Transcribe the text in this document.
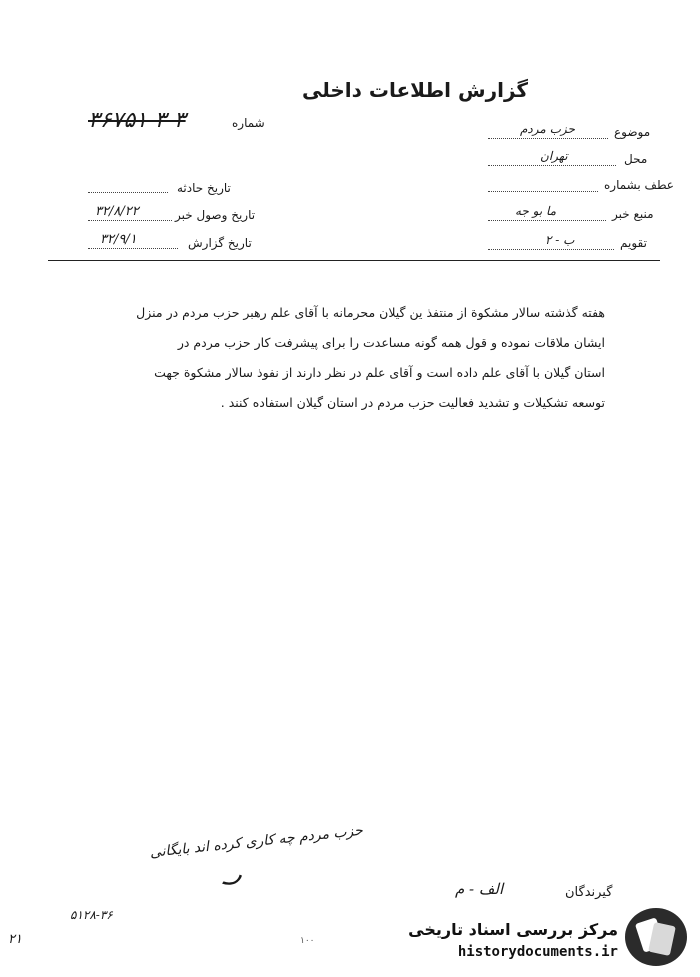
گزارش اطلاعات داخلی
شماره
۳۶۷۵۱-۳-۳
تاریخ حادثه
تاریخ وصول خبر
۳۲/۸/۲۲
تاریخ گزارش
۳۲/۹/۱
موضوع
حزب مردم
محل
تهران
عطف بشماره
منبع خبر
ما بو جه
تقویم
ب - ۲
هفته گذشته سالار مشکوة از منتفذ ین گیلان محرمانه با آقای علم رهبر حزب مردم در منزل
ایشان ملاقات نموده و قول همه گونه مساعدت را برای پیشرفت کار حزب مردم در
استان گیلان با آقای علم داده است و آقای علم در نظر دارند از نفوذ سالار مشکوة جهت
توسعه تشکیلات و تشدید فعالیت حزب مردم در استان گیلان استفاده کنند .
حزب مردم چه کاری کرده اند بایگانی
ر
گیرندگان
الف - م
۵۱۲۸-۳۶
۲۱	۱۰۰
مرکز بررسی اسناد تاریخی
historydocuments.ir
